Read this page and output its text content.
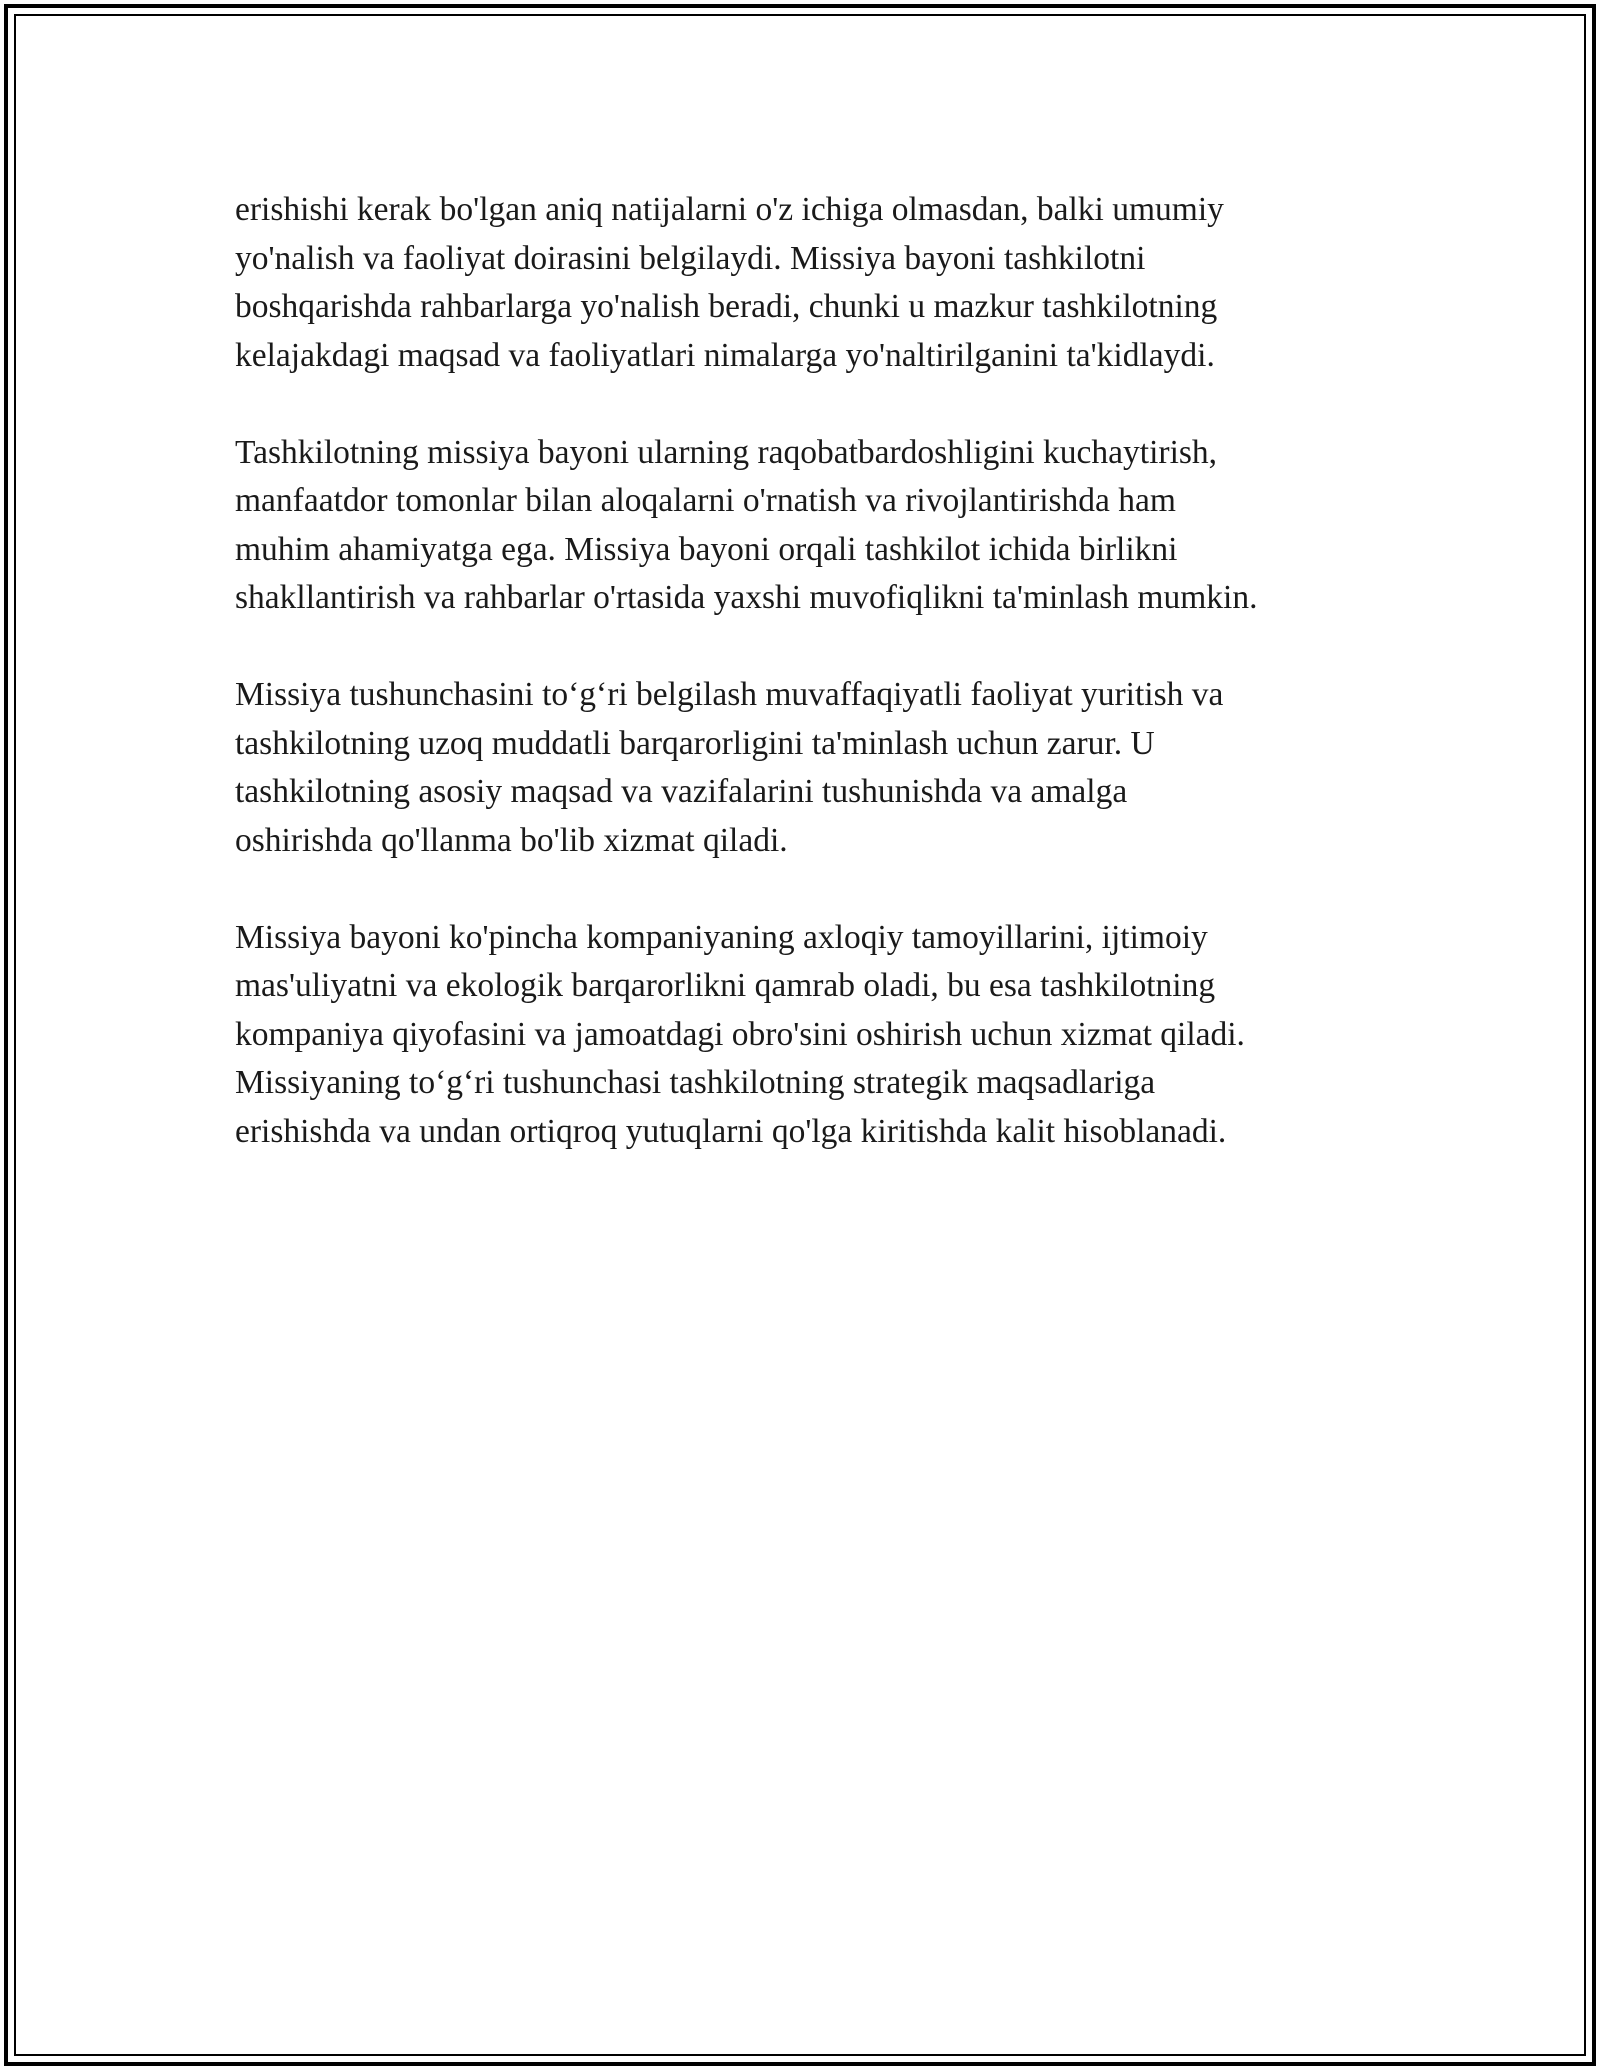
erishishi kerak bo'lgan aniq natijalarni o'z ichiga olmasdan, balki umumiy
yo'nalish va faoliyat doirasini belgilaydi. Missiya bayoni tashkilotni
boshqarishda rahbarlarga yo'nalish beradi, chunki u mazkur tashkilotning
kelajakdagi maqsad va faoliyatlari nimalarga yo'naltirilganini ta'kidlaydi.

Tashkilotning missiya bayoni ularning raqobatbardoshligini kuchaytirish,
manfaatdor tomonlar bilan aloqalarni o'rnatish va rivojlantirishda ham
muhim ahamiyatga ega. Missiya bayoni orqali tashkilot ichida birlikni
shakllantirish va rahbarlar o'rtasida yaxshi muvofiqlikni ta'minlash mumkin.

Missiya tushunchasini to‘g‘ri belgilash muvaffaqiyatli faoliyat yuritish va
tashkilotning uzoq muddatli barqarorligini ta'minlash uchun zarur. U
tashkilotning asosiy maqsad va vazifalarini tushunishda va amalga
oshirishda qo'llanma bo'lib xizmat qiladi.

Missiya bayoni ko'pincha kompaniyaning axloqiy tamoyillarini, ijtimoiy
mas'uliyatni va ekologik barqarorlikni qamrab oladi, bu esa tashkilotning
kompaniya qiyofasini va jamoatdagi obro'sini oshirish uchun xizmat qiladi.
Missiyaning to‘g‘ri tushunchasi tashkilotning strategik maqsadlariga
erishishda va undan ortiqroq yutuqlarni qo'lga kiritishda kalit hisoblanadi.
